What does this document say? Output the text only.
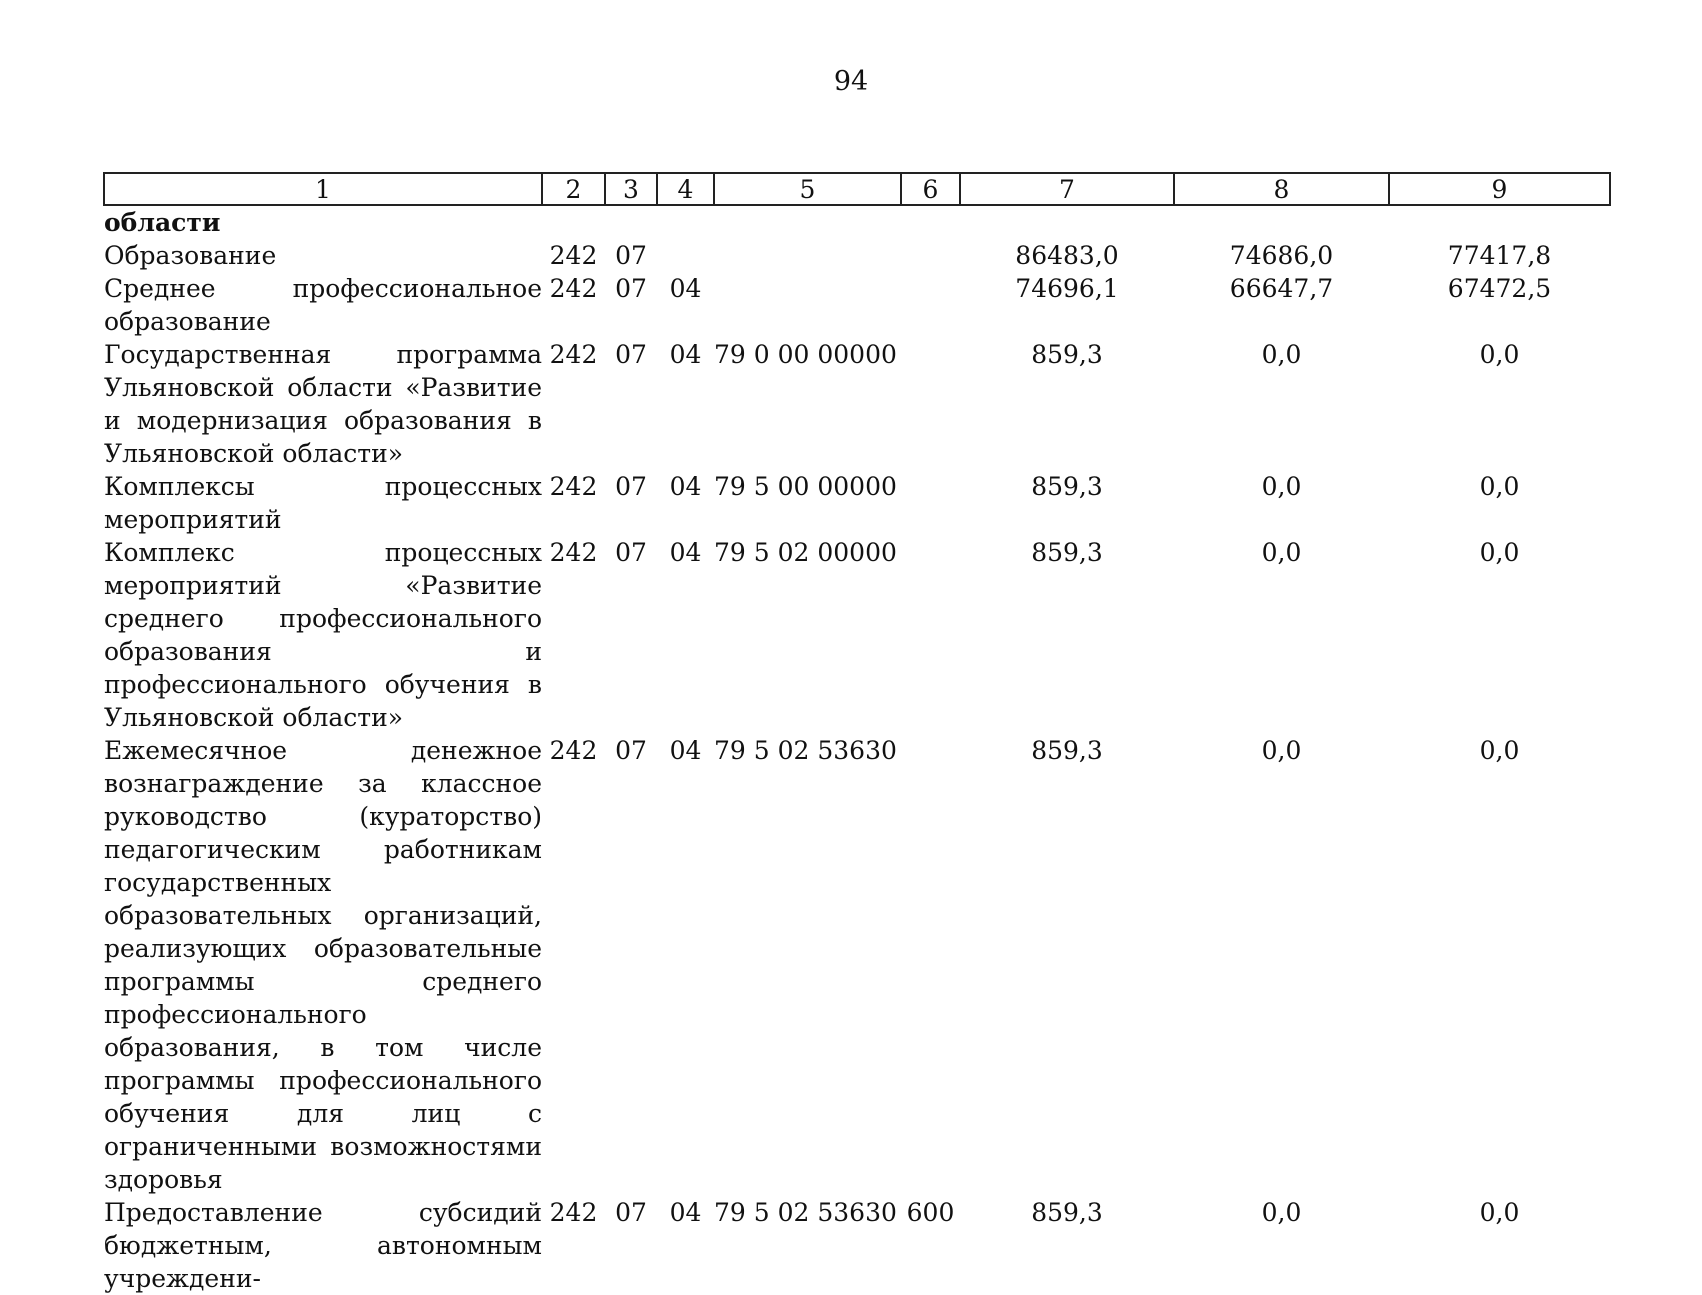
94
1	2	3	4	5	6	7	8	9
области								
Образование	242	07				86483,0	74686,0	77417,8
Среднее профессиональное образование	242	07	04			74696,1	66647,7	67472,5
Государственная программа Ульяновской области «Развитие и модернизация образования в Ульяновской области»	242	07	04	79 0 00 00000		859,3	0,0	0,0
Комплексы процессных мероприятий	242	07	04	79 5 00 00000		859,3	0,0	0,0
Комплекс процессных мероприятий «Развитие среднего профессионального образования и профессионального обучения в Ульяновской области»	242	07	04	79 5 02 00000		859,3	0,0	0,0
Ежемесячное денежное вознаграждение за классное руководство (кураторство) педагогическим работникам государственных образовательных организаций, реализующих образовательные программы среднего профессионального образования, в том числе программы профессионального обучения для лиц с ограниченными возможностями здоровья	242	07	04	79 5 02 53630		859,3	0,0	0,0
Предоставление субсидий бюджетным, автономным учреждени-	242	07	04	79 5 02 53630	600	859,3	0,0	0,0
